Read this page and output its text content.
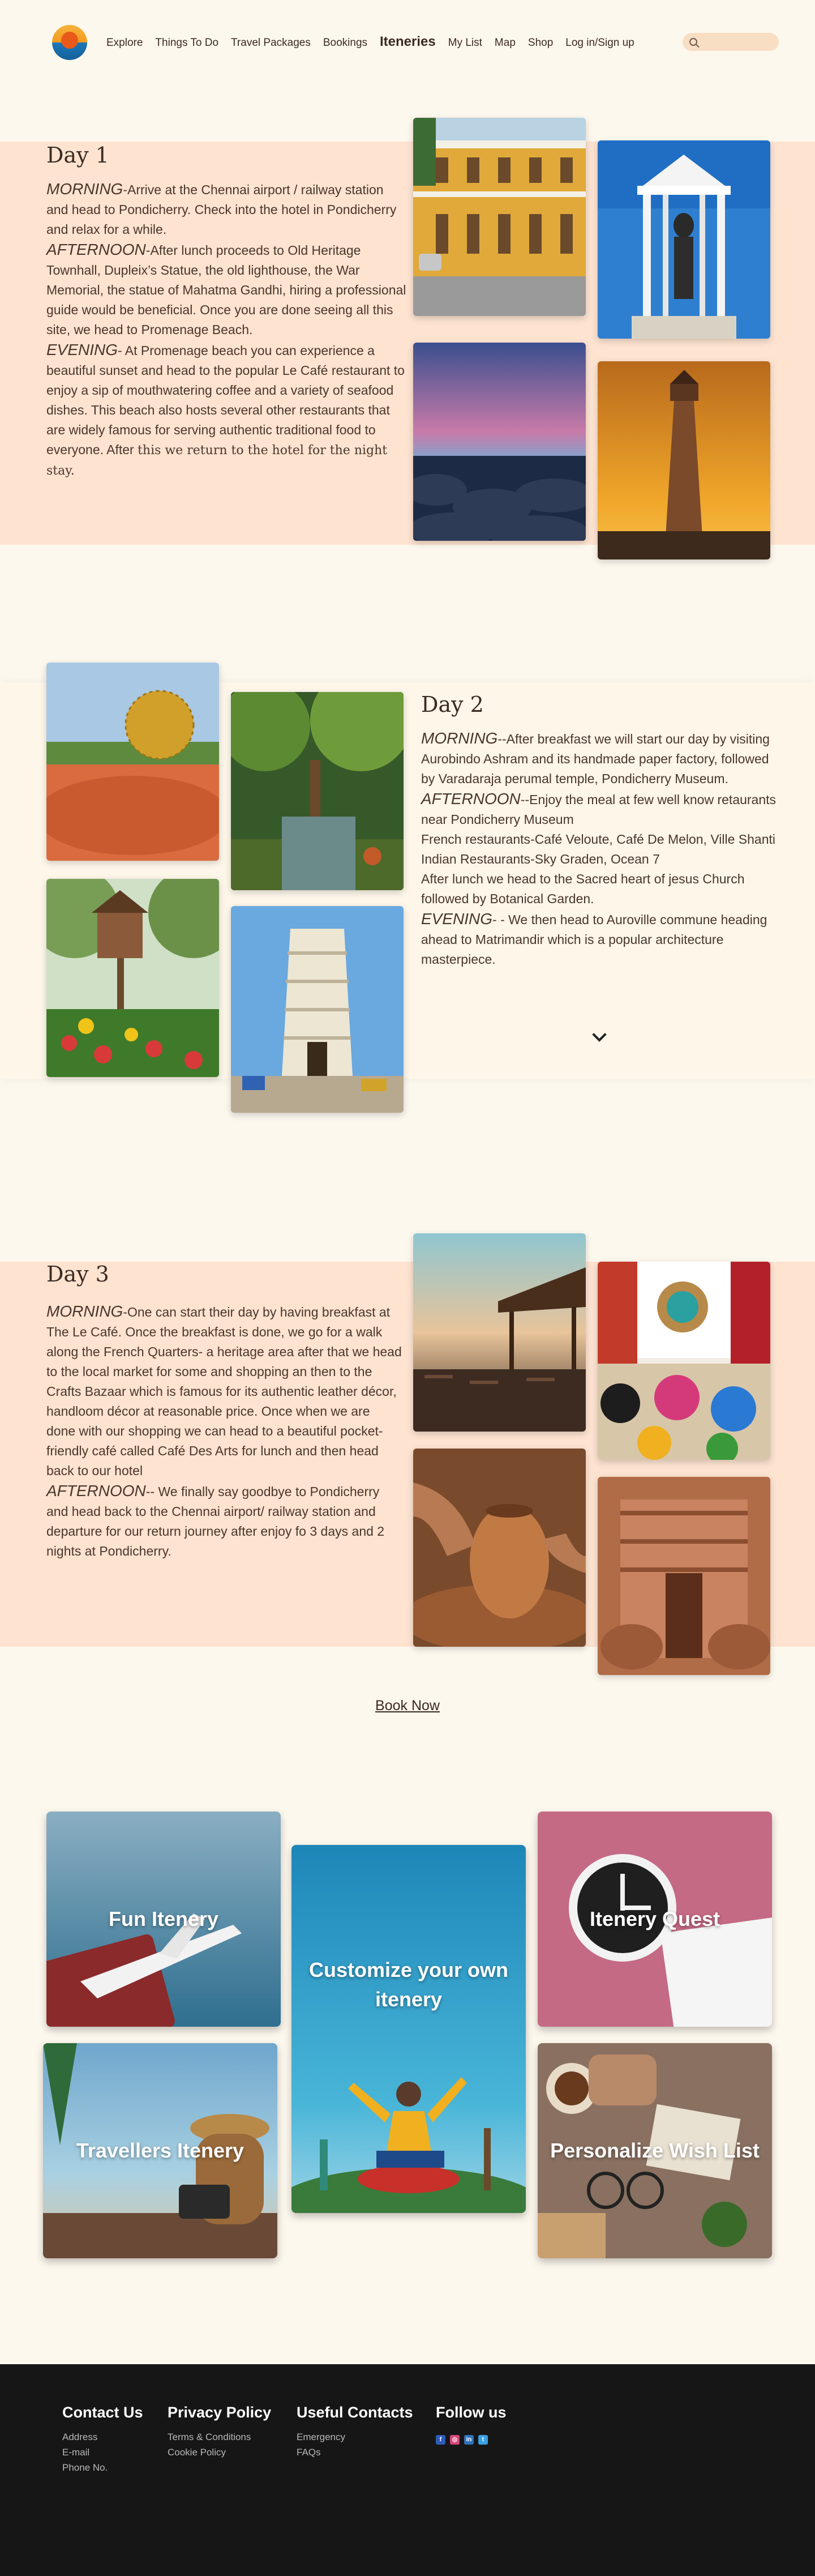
Explore Things To Do Travel Packages Bookings Iteneries My List Map Shop Log in/Sign up
Day 1

MORNING-Arrive at the Chennai airport / railway station and head to Pondicherry. Check into the hotel in Pondicherry and relax for a while.

AFTERNOON-After lunch proceeds to Old Heritage Townhall, Dupleix’s Statue, the old lighthouse, the War Memorial, the statue of Mahatma Gandhi, hiring a professional guide would be beneficial. Once you are done seeing all this site, we head to Promenage Beach.

EVENING- At Promenage beach you can experience a beautiful sunset and head to the popular Le Café restaurant to enjoy a sip of mouthwatering coffee and a variety of seafood dishes. This beach also hosts several other restaurants that are widely famous for serving authentic traditional food to everyone. After this we return to the hotel for the night stay.

Day 2

MORNING--After breakfast we will start our day by visiting Aurobindo Ashram and its handmade paper factory, followed by Varadaraja perumal temple, Pondicherry Museum.

AFTERNOON--Enjoy the meal at few well know retaurants near Pondicherry Museum

French restaurants-Café Veloute, Café De Melon, Ville Shanti

Indian Restaurants-Sky Graden, Ocean 7

After lunch we head to the Sacred heart of jesus Church followed by Botanical Garden.

EVENING- - We then head to Auroville commune heading ahead to Matrimandir which is a popular architecture masterpiece.

Day 3

MORNING-One can start their day by having breakfast at The Le Café. Once the breakfast is done, we go for a walk along the French Quarters- a heritage area after that we head to the local market for some and shopping an then to the Crafts Bazaar which is famous for its authentic leather décor, handloom décor at reasonable price. Once when we are done with our shopping we can head to a beautiful pocket-friendly café called Café Des Arts for lunch and then head back to our hotel

AFTERNOON-- We finally say goodbye to Pondicherry and head back to the Chennai airport/ railway station and departure for our return journey after enjoy fo 3 days and 2 nights at Pondicherry.

Book Now
Fun Itenery	Itenery Quest
Customize your own itenery
Travellers Itenery	Personalize Wish List
Contact Us
Address
E-mail
Phone No.
Privacy Policy
Terms & Conditions
Cookie Policy
Useful Contacts
Emergency
FAQs
Follow us
f	◎	in	t
